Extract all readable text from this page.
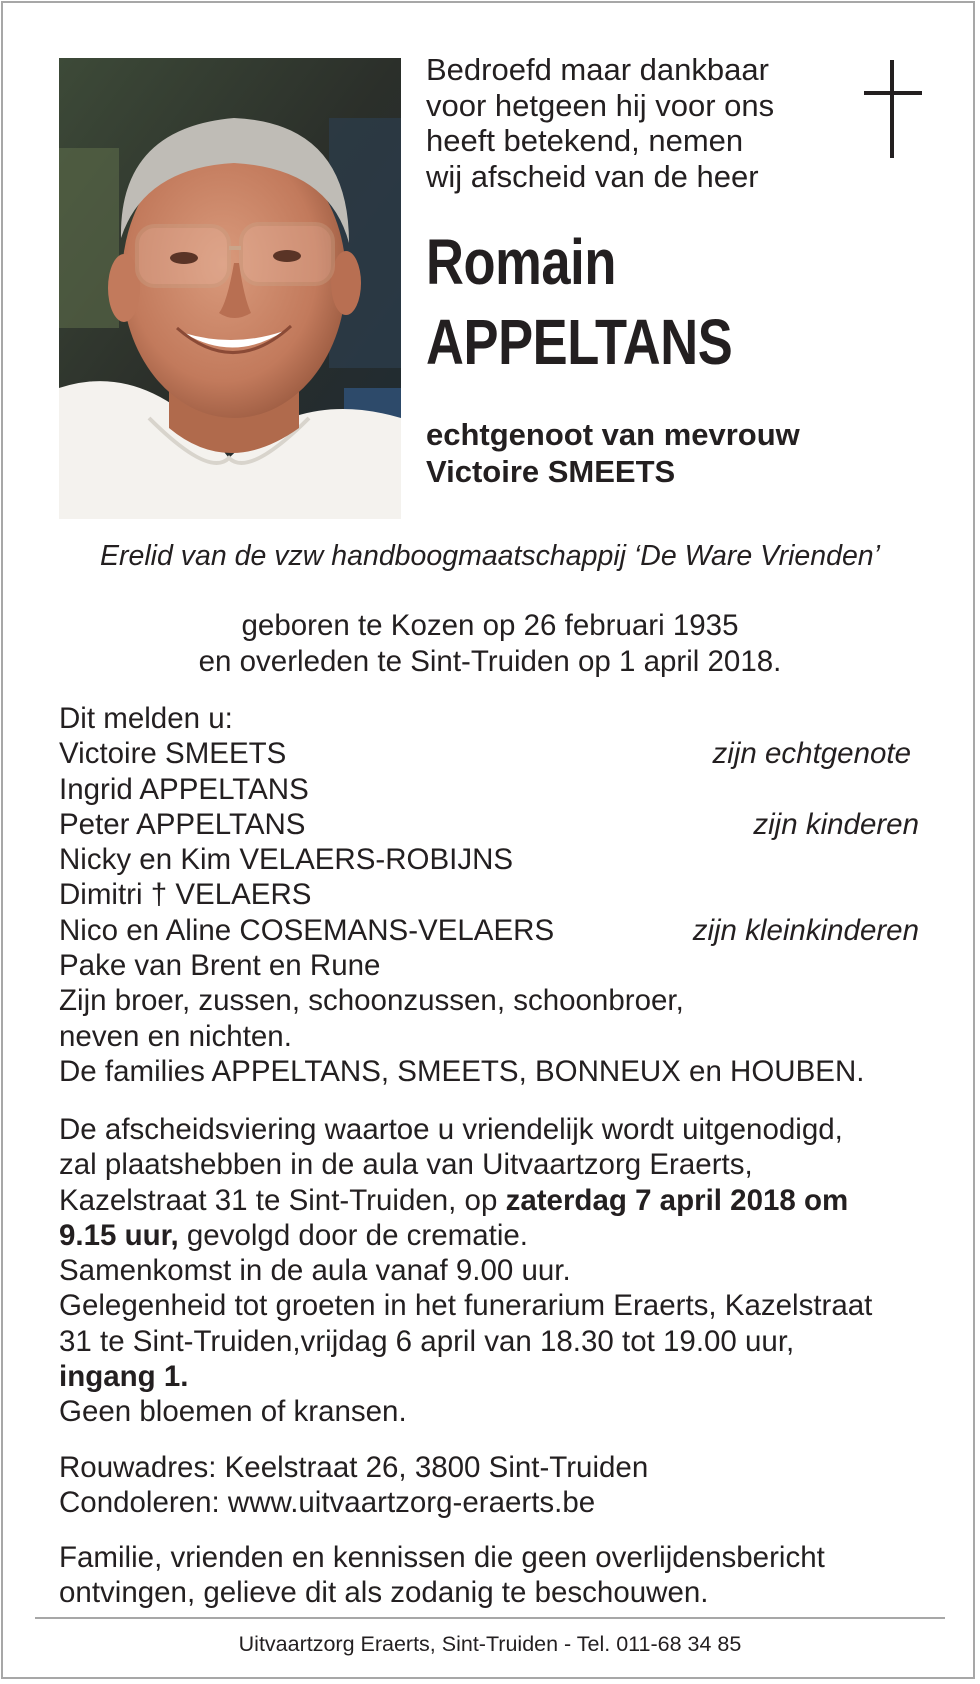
Bedroefd maar dankbaar
voor hetgeen hij voor ons
heeft betekend, nemen
wij afscheid van de heer
Romain
APPELTANS
echtgenoot van mevrouw
Victoire SMEETS
Erelid van de vzw handboogmaatschappij ‘De Ware Vrienden’
geboren te Kozen op 26 februari 1935
en overleden te Sint-Truiden op 1 april 2018.
Dit melden u:
Victoire SMEETS	zijn echtgenote
Ingrid APPELTANS
Peter APPELTANS	zijn kinderen
Nicky en Kim VELAERS-ROBIJNS
Dimitri † VELAERS
Nico en Aline COSEMANS-VELAERS	zijn kleinkinderen
Pake van Brent en Rune
Zijn broer, zussen, schoonzussen, schoonbroer,
neven en nichten.
De families APPELTANS, SMEETS, BONNEUX en HOUBEN.
De afscheidsviering waartoe u vriendelijk wordt uitgenodigd,
zal plaatshebben in de aula van Uitvaartzorg Eraerts,
Kazelstraat 31 te Sint-Truiden, op zaterdag 7 april 2018 om
9.15 uur, gevolgd door de crematie.
Samenkomst in de aula vanaf 9.00 uur.
Gelegenheid tot groeten in het funerarium Eraerts, Kazelstraat
31 te Sint-Truiden,vrijdag 6 april van 18.30 tot 19.00 uur,
ingang 1.
Geen bloemen of kransen.
Rouwadres: Keelstraat 26, 3800 Sint-Truiden
Condoleren: www.uitvaartzorg-eraerts.be
Familie, vrienden en kennissen die geen overlijdensbericht
ontvingen, gelieve dit als zodanig te beschouwen.
Uitvaartzorg Eraerts, Sint-Truiden - Tel. 011-68 34 85
